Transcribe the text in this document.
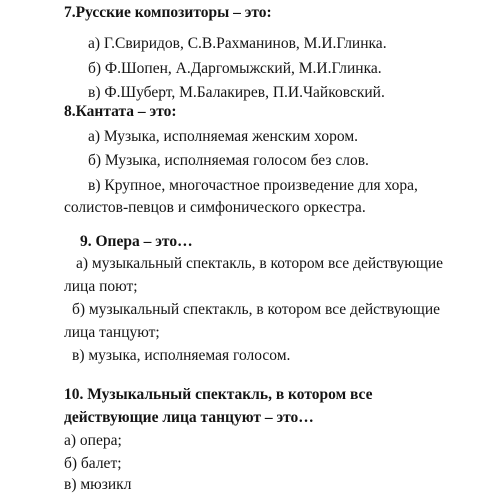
7.Русские композиторы – это:
а) Г.Свиридов, С.В.Рахманинов, М.И.Глинка.
б) Ф.Шопен, А.Даргомыжский, М.И.Глинка.
в) Ф.Шуберт, М.Балакирев, П.И.Чайковский.
8.Кантата – это:
а) Музыка, исполняемая женским хором.
б) Музыка, исполняемая голосом без слов.
в) Крупное, многочастное произведение для хора,
солистов-певцов и симфонического оркестра.
9. Опера – это…
а) музыкальный спектакль, в котором все действующие
лица поют;
б) музыкальный спектакль, в котором все действующие
лица танцуют;
в) музыка, исполняемая голосом.
10. Музыкальный спектакль, в котором все
действующие лица танцуют – это…
а) опера;
б) балет;
в) мюзикл
